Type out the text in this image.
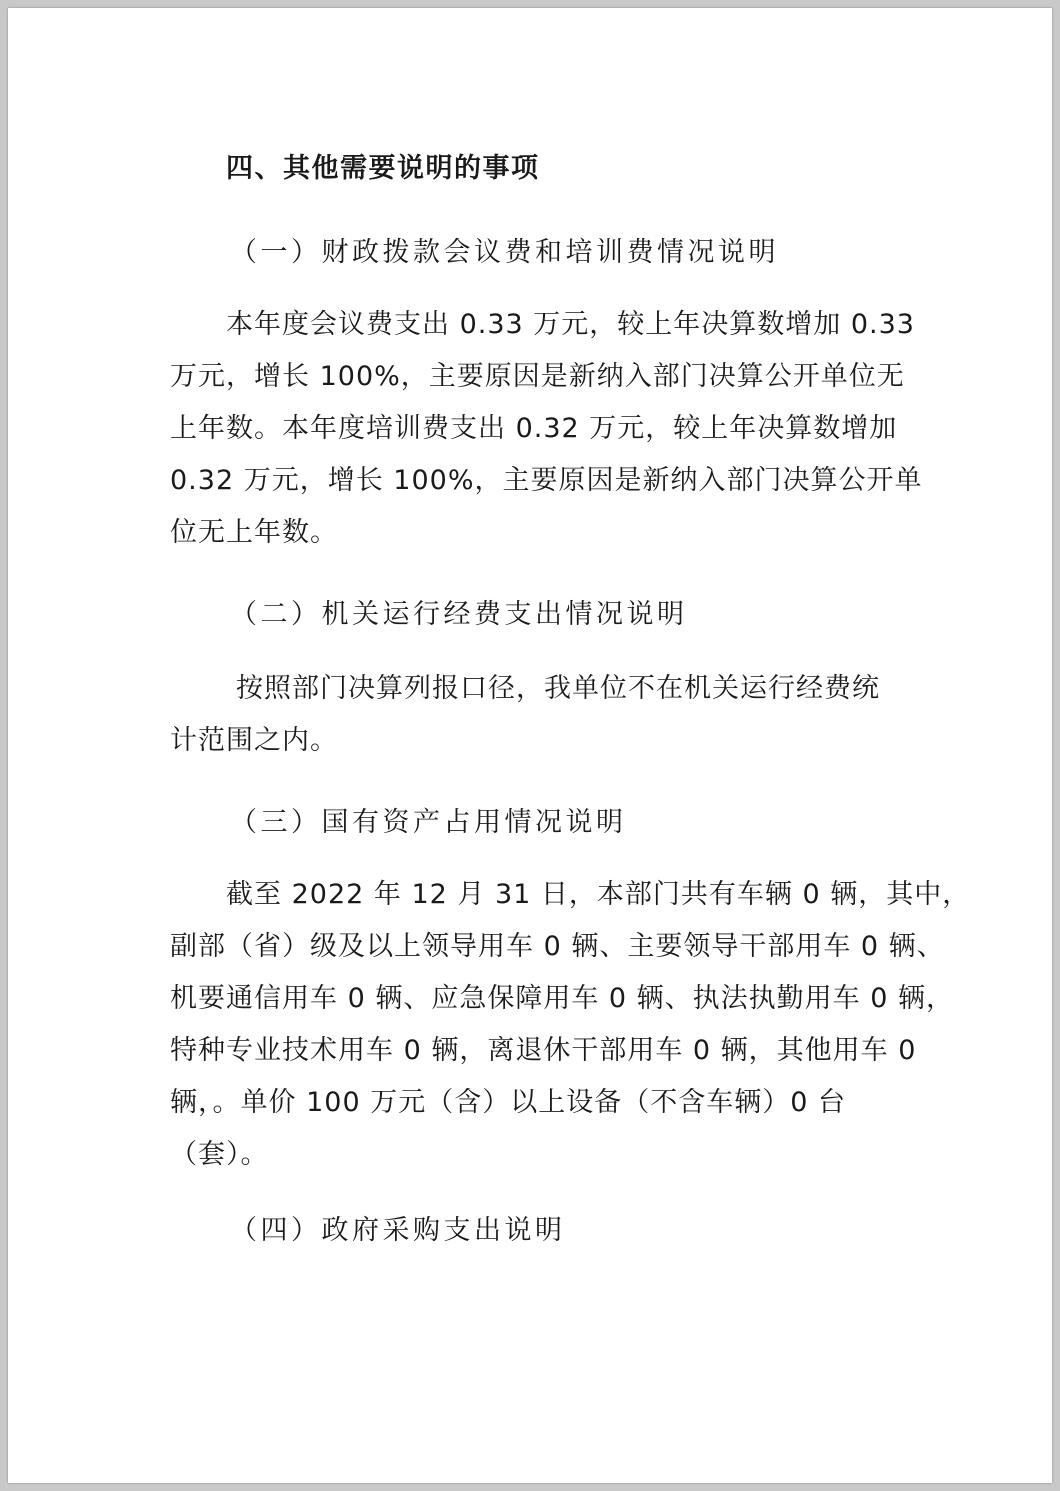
四、其他需要说明的事项
（一）财政拨款会议费和培训费情况说明
本年度会议费支出 0.33 万元，较上年决算数增加 0.33
万元，增长 100%，主要原因是新纳入部门决算公开单位无
上年数。本年度培训费支出 0.32 万元，较上年决算数增加
0.32 万元，增长 100%，主要原因是新纳入部门决算公开单
位无上年数。
（二）机关运行经费支出情况说明
按照部门决算列报口径，我单位不在机关运行经费统
计范围之内。
（三）国有资产占用情况说明
截至 2022 年 12 月 31 日，本部门共有车辆 0 辆，其中，
副部（省）级及以上领导用车 0 辆、主要领导干部用车 0 辆、
机要通信用车 0 辆、应急保障用车 0 辆、执法执勤用车 0 辆，
特种专业技术用车 0 辆，离退休干部用车 0 辆，其他用车 0
辆，。单价 100 万元（含）以上设备（不含车辆）0 台
（套）。
（四）政府采购支出说明
